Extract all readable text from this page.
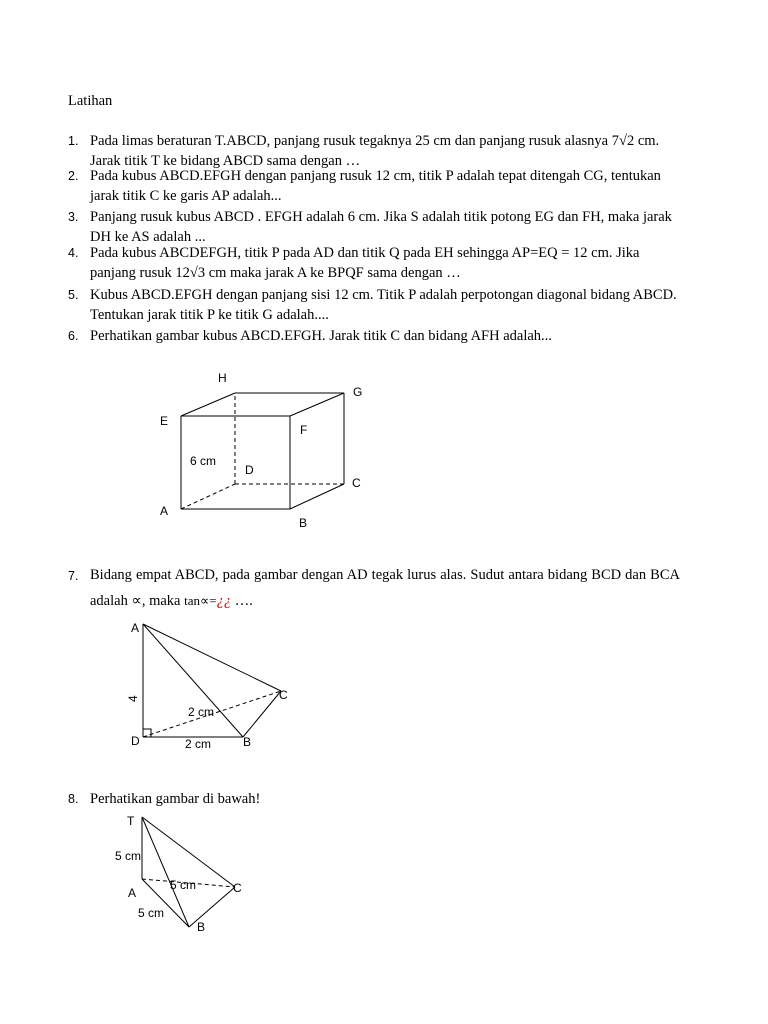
Latihan
1. Pada limas beraturan T.ABCD, panjang rusuk tegaknya 25 cm dan panjang rusuk alasnya 7√2 cm. Jarak titik T ke bidang ABCD sama dengan …
2. Pada kubus ABCD.EFGH dengan panjang rusuk 12 cm, titik P adalah tepat ditengah CG, tentukan jarak titik C ke garis AP adalah...
3. Panjang rusuk kubus ABCD . EFGH adalah 6 cm. Jika S adalah titik potong EG dan FH, maka jarak DH ke AS adalah ...
4. Pada kubus ABCDEFGH, titik P pada AD dan titik Q pada EH sehingga AP=EQ = 12 cm. Jika panjang rusuk 12√3 cm maka jarak A ke BPQF sama dengan …
5. Kubus ABCD.EFGH dengan panjang sisi 12 cm. Titik P adalah perpotongan diagonal bidang ABCD. Tentukan jarak titik P ke titik G adalah....
6. Perhatikan gambar kubus ABCD.EFGH. Jarak titik C dan bidang AFH adalah...
H
G
E
F
6 cm
D
C
A
B
7. Bidang empat ABCD, pada gambar dengan AD tegak lurus alas. Sudut antara bidang BCD dan BCA adalah ∝, maka tan∝=¿¿ ….
A
C
4
2 cm
D	2 cm	B
8. Perhatikan gambar di bawah!
T
5 cm
5 cm
A	C
5 cm
B
